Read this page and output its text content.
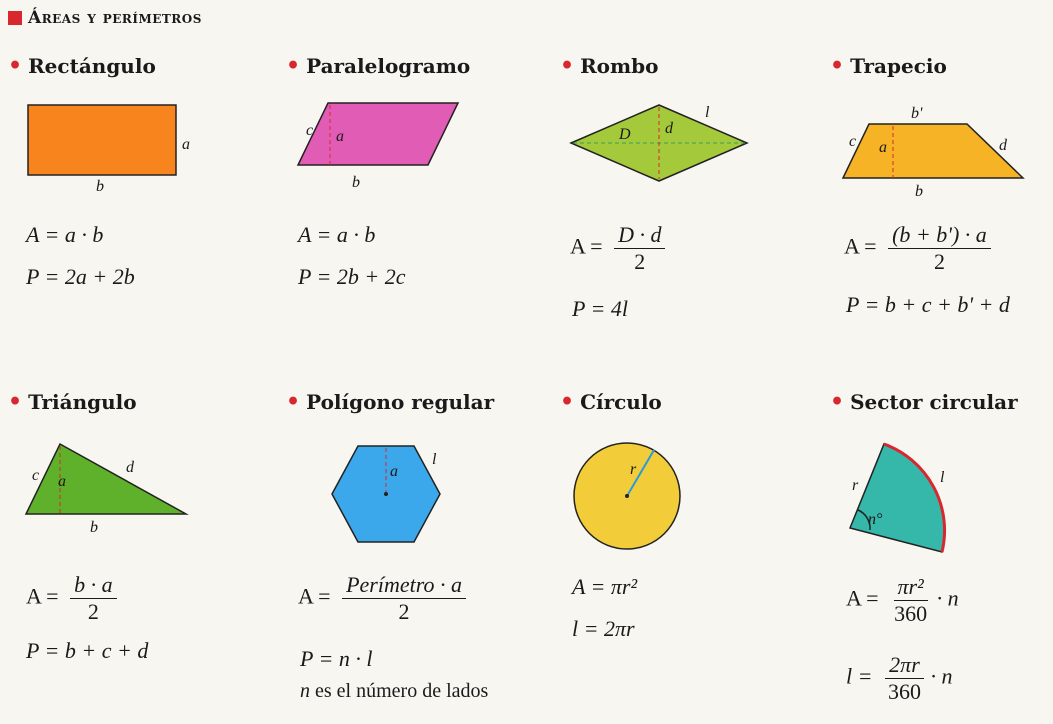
Áreas y perímetros
• Rectángulo
a
b
A = a · b
P = 2a + 2b
• Paralelogramo
a
c
b
A = a · b
P = 2b + 2c
• Rombo
D d
l
$A = \frac{D \cdot d}{2}$
P = 4l
• Trapecio
a
b'
c	d
b
$A = \frac{(b + b') \cdot a}{2}$
P = b + c + b' + d
• Triángulo
c a
d
b
$A = \frac{b \cdot a}{2}$
P = b + c + d
• Polígono regular
a
l
$A = \frac{\text{Perímetro · a}}{2}$
P = n · l
n es el número de lados
• Círculo
r
A = πr²
l = 2πr
• Sector circular
r	l
n°
$A = \frac{\text{πr²}}{360} \cdot n$
$l = \frac{2\pi r}{360} \cdot n$
